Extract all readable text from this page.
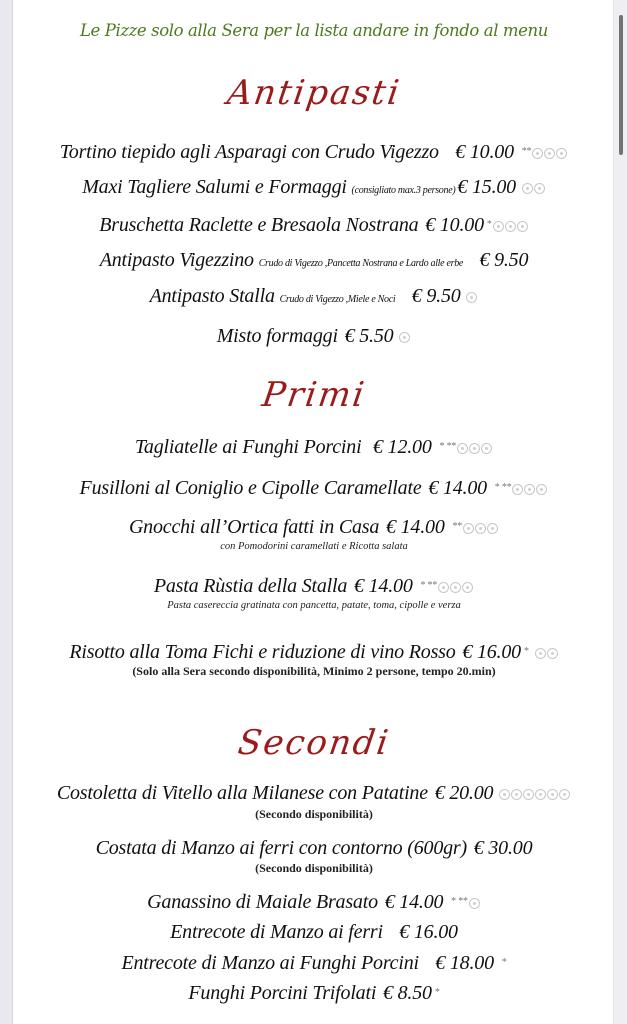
Le Pizze solo alla Sera per la lista andare in fondo al menu
Antipasti
Tortino tiepido agli Asparagi con Crudo Vigezzo € 10.00 **
Maxi Tagliere Salumi e Formaggi (consigliato max.3 persone) € 15.00
Bruschetta Raclette e Bresaola Nostrana € 10.00 *
Antipasto Vigezzino Crudo di Vigezzo ,Pancetta Nostrana e Lardo alle erbe € 9.50
Antipasto Stalla Crudo di Vigezzo ,Miele e Noci € 9.50
Misto formaggi € 5.50
Primi
Tagliatelle ai Funghi Porcini € 12.00 * **
Fusilloni al Coniglio e Cipolle Caramellate € 14.00 * **
Gnocchi all’Ortica fatti in Casa € 14.00 **
con Pomodorini caramellati e Ricotta salata
Pasta Rùstia della Stalla € 14.00 * **
Pasta casereccia gratinata con pancetta, patate, toma, cipolle e verza
Risotto alla Toma Fichi e riduzione di vino Rosso € 16.00 *
(Solo alla Sera secondo disponibilità, Minimo 2 persone, tempo 20.min)
Secondi
Costoletta di Vitello alla Milanese con Patatine € 20.00
(Secondo disponibilità)
Costata di Manzo ai ferri con contorno (600gr) € 30.00
(Secondo disponibilità)
Ganassino di Maiale Brasato € 14.00 * **
Entrecote di Manzo ai ferri € 16.00
Entrecote di Manzo ai Funghi Porcini € 18.00 *
Funghi Porcini Trifolati € 8.50 *
